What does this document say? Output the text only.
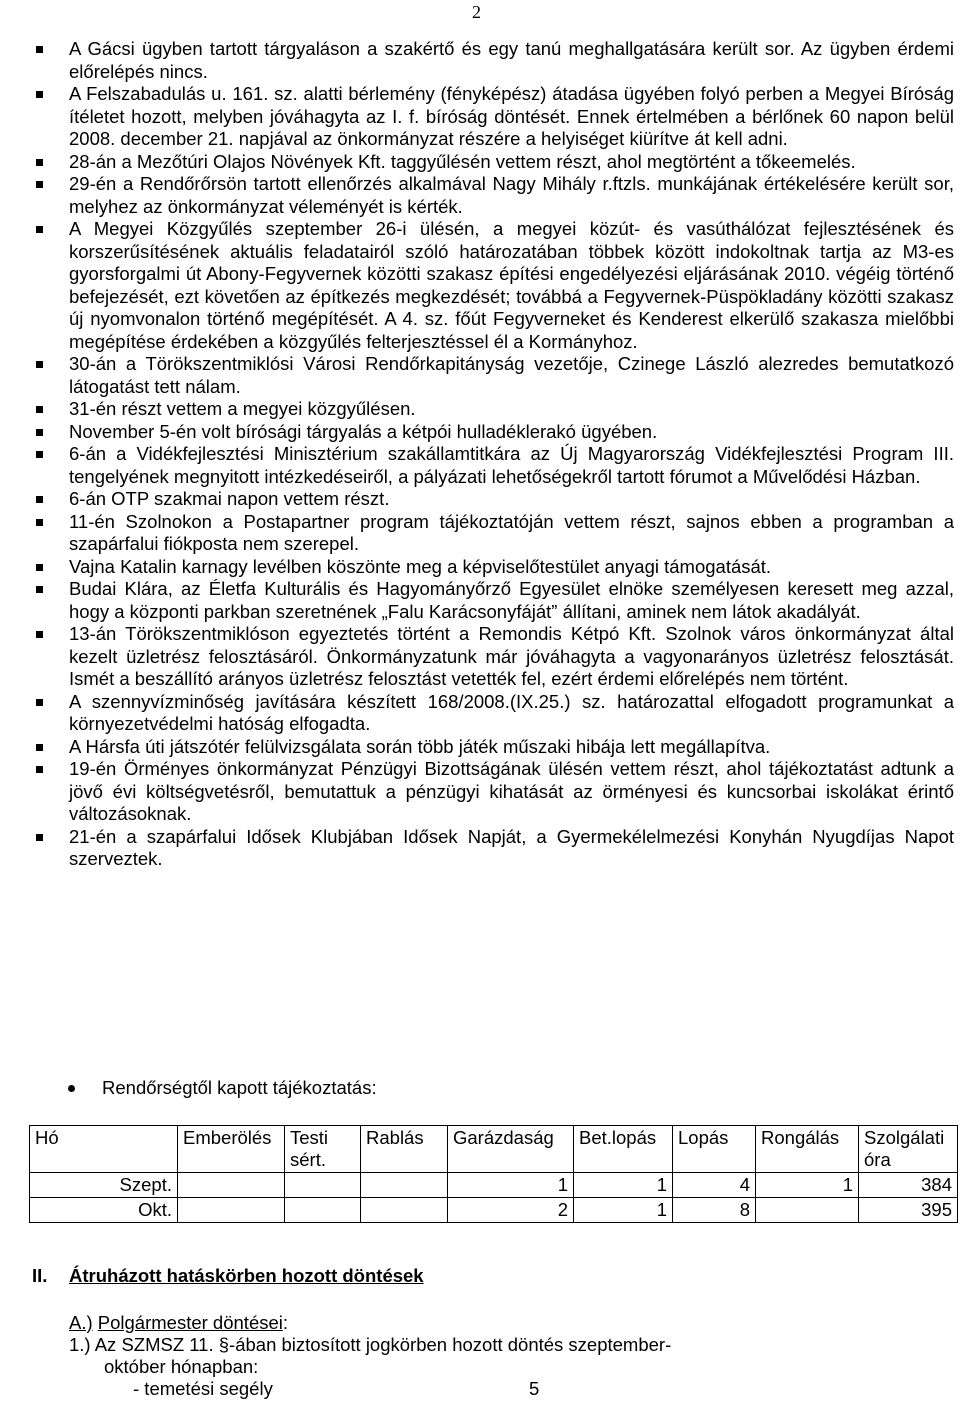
2
A Gácsi ügyben tartott tárgyaláson a szakértő és egy tanú meghallgatására került sor. Az ügyben érdemi előrelépés nincs.
A Felszabadulás u. 161. sz. alatti bérlemény (fényképész) átadása ügyében folyó perben a Megyei Bíróság ítéletet hozott, melyben jóváhagyta az I. f. bíróság döntését. Ennek értelmében a bérlőnek 60 napon belül 2008. december 21. napjával az önkormányzat részére a helyiséget kiürítve át kell adni.
28-án a Mezőtúri Olajos Növények Kft. taggyűlésén vettem részt, ahol megtörtént a tőkeemelés.
29-én a Rendőrőrsön tartott ellenőrzés alkalmával Nagy Mihály r.ftzls. munkájának értékelésére került sor, melyhez az önkormányzat véleményét is kérték.
A Megyei Közgyűlés szeptember 26-i ülésén, a megyei közút- és vasúthálózat fejlesztésének és korszerűsítésének aktuális feladatairól szóló határozatában többek között indokoltnak tartja az M3-es gyorsforgalmi út Abony-Fegyvernek közötti szakasz építési engedélyezési eljárásának 2010. végéig történő befejezését, ezt követően az építkezés megkezdését; továbbá a Fegyvernek-Püspökladány közötti szakasz új nyomvonalon történő megépítését. A 4. sz. főút Fegyverneket és Kenderest elkerülő szakasza mielőbbi megépítése érdekében a közgyűlés felterjesztéssel él a Kormányhoz.
30-án a Törökszentmiklósi Városi Rendőrkapitányság vezetője, Czinege László alezredes bemutatkozó látogatást tett nálam.
31-én részt vettem a megyei közgyűlésen.
November 5-én volt bírósági tárgyalás a kétpói hulladéklerakó ügyében.
6-án a Vidékfejlesztési Minisztérium szakállamtitkára az Új Magyarország Vidékfejlesztési Program III. tengelyének megnyitott intézkedéseiről, a pályázati lehetőségekről tartott fórumot a Művelődési Házban.
6-án OTP szakmai napon vettem részt.
11-én Szolnokon a Postapartner program tájékoztatóján vettem részt, sajnos ebben a programban a szapárfalui fiókposta nem szerepel.
Vajna Katalin karnagy levélben köszönte meg a képviselőtestület anyagi támogatását.
Budai Klára, az Életfa Kulturális és Hagyományőrző Egyesület elnöke személyesen keresett meg azzal, hogy a központi parkban szeretnének „Falu Karácsonyfáját” állítani, aminek nem látok akadályát.
13-án Törökszentmiklóson egyeztetés történt a Remondis Kétpó Kft. Szolnok város önkormányzat által kezelt üzletrész felosztásáról. Önkormányzatunk már jóváhagyta a vagyonarányos üzletrész felosztását. Ismét a beszállító arányos üzletrész felosztást vetették fel, ezért érdemi előrelépés nem történt.
A szennyvízminőség javítására készített 168/2008.(IX.25.) sz. határozattal elfogadott programunkat a környezetvédelmi hatóság elfogadta.
A Hársfa úti játszótér felülvizsgálata során több játék műszaki hibája lett megállapítva.
19-én Örményes önkormányzat Pénzügyi Bizottságának ülésén vettem részt, ahol tájékoztatást adtunk a jövő évi költségvetésről, bemutattuk a pénzügyi kihatását az örményesi és kuncsorbai iskolákat érintő változásoknak.
21-én a szapárfalui Idősek Klubjában Idősek Napját, a Gyermekélelmezési Konyhán Nyugdíjas Napot szerveztek.
Rendőrségtől kapott tájékoztatás:
Hó	Emberölés	Testi sért.	Rablás	Garázdaság	Bet.lopás	Lopás	Rongálás	Szolgálati óra
Szept.				1	1	4	1	384
Okt.				2	1	8		395
II. Átruházott hatáskörben hozott döntések
A.) Polgármester döntései:
1.) Az SZMSZ 11. §-ában biztosított jogkörben hozott döntés szeptember-
október hónapban:
- temetési segély	5
